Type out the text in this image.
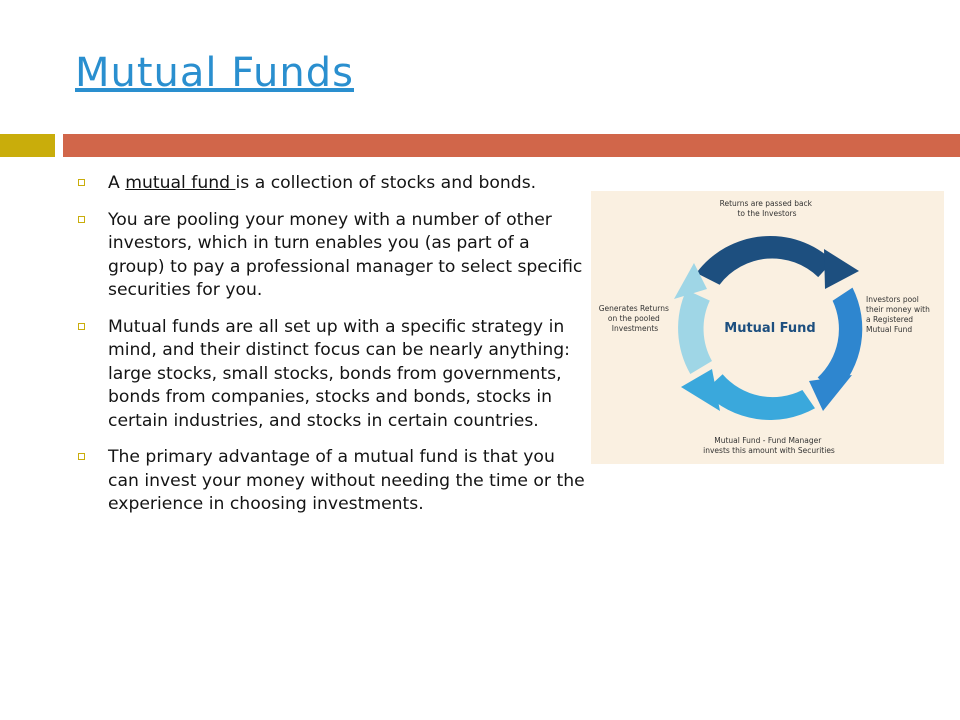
Mutual Funds
A mutual fund is a collection of stocks and bonds.
You are pooling your money with a number of other investors, which in turn enables you (as part of a group) to pay a professional manager to select specific securities for you.
Mutual funds are all set up with a specific strategy in mind, and their distinct focus can be nearly anything: large stocks, small stocks, bonds from governments, bonds from companies, stocks and bonds, stocks in certain industries, and stocks in certain countries.
The primary advantage of a mutual fund is that you can invest your money without needing the time or the experience in choosing investments.
Mutual Fund
Returns are passed back to the Investors
Investors pool their money with a Registered Mutual Fund
Mutual Fund - Fund Manager invests this amount with Securities
Generates Returns on the pooled Investments
